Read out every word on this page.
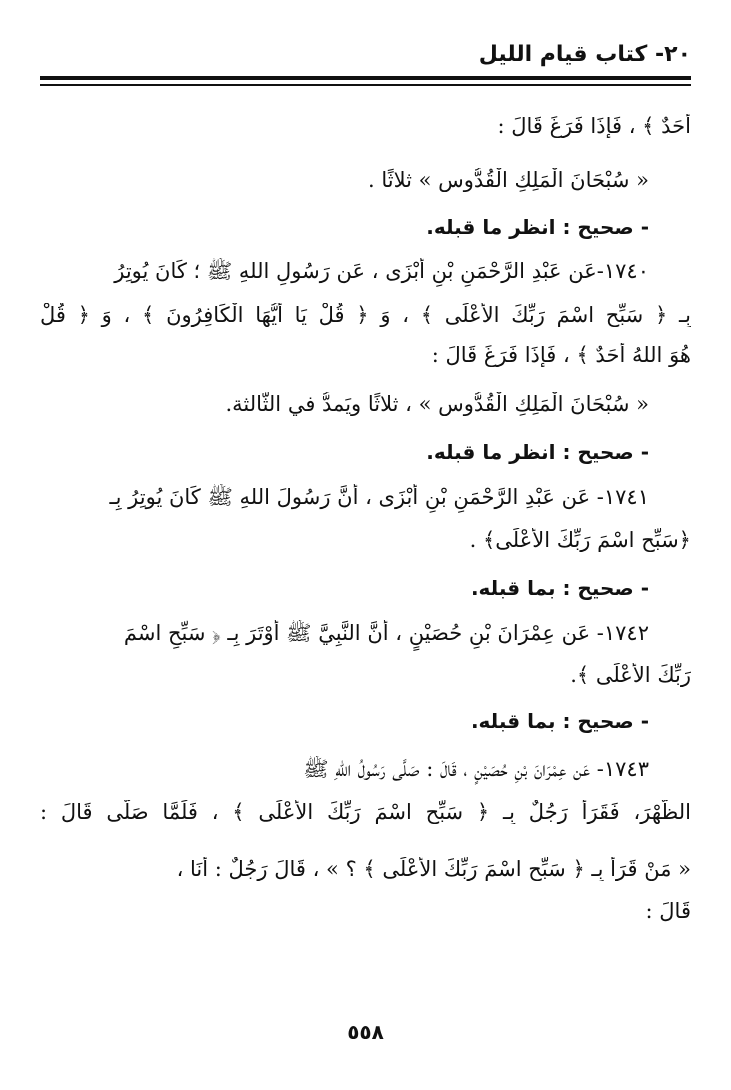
٢٠- كتاب قيام الليل
أَحَدٌ ﴾ ، فَإِذَا فَرَغَ قَالَ :
« سُبْحَانَ الْمَلِكِ الْقُدُّوسِ » ثلاثًا .
- صحيح : انظر ما قبله.
١٧٤٠-عَن عَبْدِ الرَّحْمَنِ بْنِ أَبْزَى ، عَن رَسُولِ اللهِ ﷺ ؛ كَانَ يُوتِرُ
بِـ ﴿ سَبِّحِ اسْمَ رَبِّكَ الأَعْلَى ﴾ ، وَ ﴿ قُلْ يَا أَيُّهَا الْكَافِرُونَ ﴾ ، وَ ﴿ قُلْ
هُوَ اللهُ أَحَدٌ ﴾ ، فَإِذَا فَرَغَ قَالَ :
« سُبْحَانَ الْمَلِكِ الْقُدُّوسِ » ، ثلاثًا ويَمدُّ في الثَّالثة.
- صحيح : انظر ما قبله.
١٧٤١- عَن عَبْدِ الرَّحْمَنِ بْنِ أَبْزَى ، أَنَّ رَسُولَ اللهِ ﷺ كَانَ يُوتِرُ بِـ
﴿سَبِّحِ اسْمَ رَبِّكَ الأَعْلَى﴾ .
- صحيح : بما قبله.
١٧٤٢- عَن عِمْرَانَ بْنِ حُصَيْنٍ ، أَنَّ النَّبِيَّ ﷺ أَوْتَرَ بِـ ﴿ سَبِّحِ اسْمَ
رَبِّكَ الأَعْلَى ﴾.
- صحيح : بما قبله.
١٧٤٣- عَن عِمْرَانَ بْنِ حُصَيْنٍ ، قَالَ : صَلَّى رَسُولُ اللهِ ﷺ
الظُّهْرَ، فَقَرَأَ رَجُلٌ بِـ ﴿ سَبِّحِ اسْمَ رَبِّكَ الأَعْلَى ﴾ ، فَلَمَّا صَلَّى قَالَ :
« مَنْ قَرَأَ بِـ ﴿ سَبِّحِ اسْمَ رَبِّكَ الأَعْلَى ﴾ ؟ » ، قَالَ رَجُلٌ : أَنَا ،
قَالَ :
٥٥٨
